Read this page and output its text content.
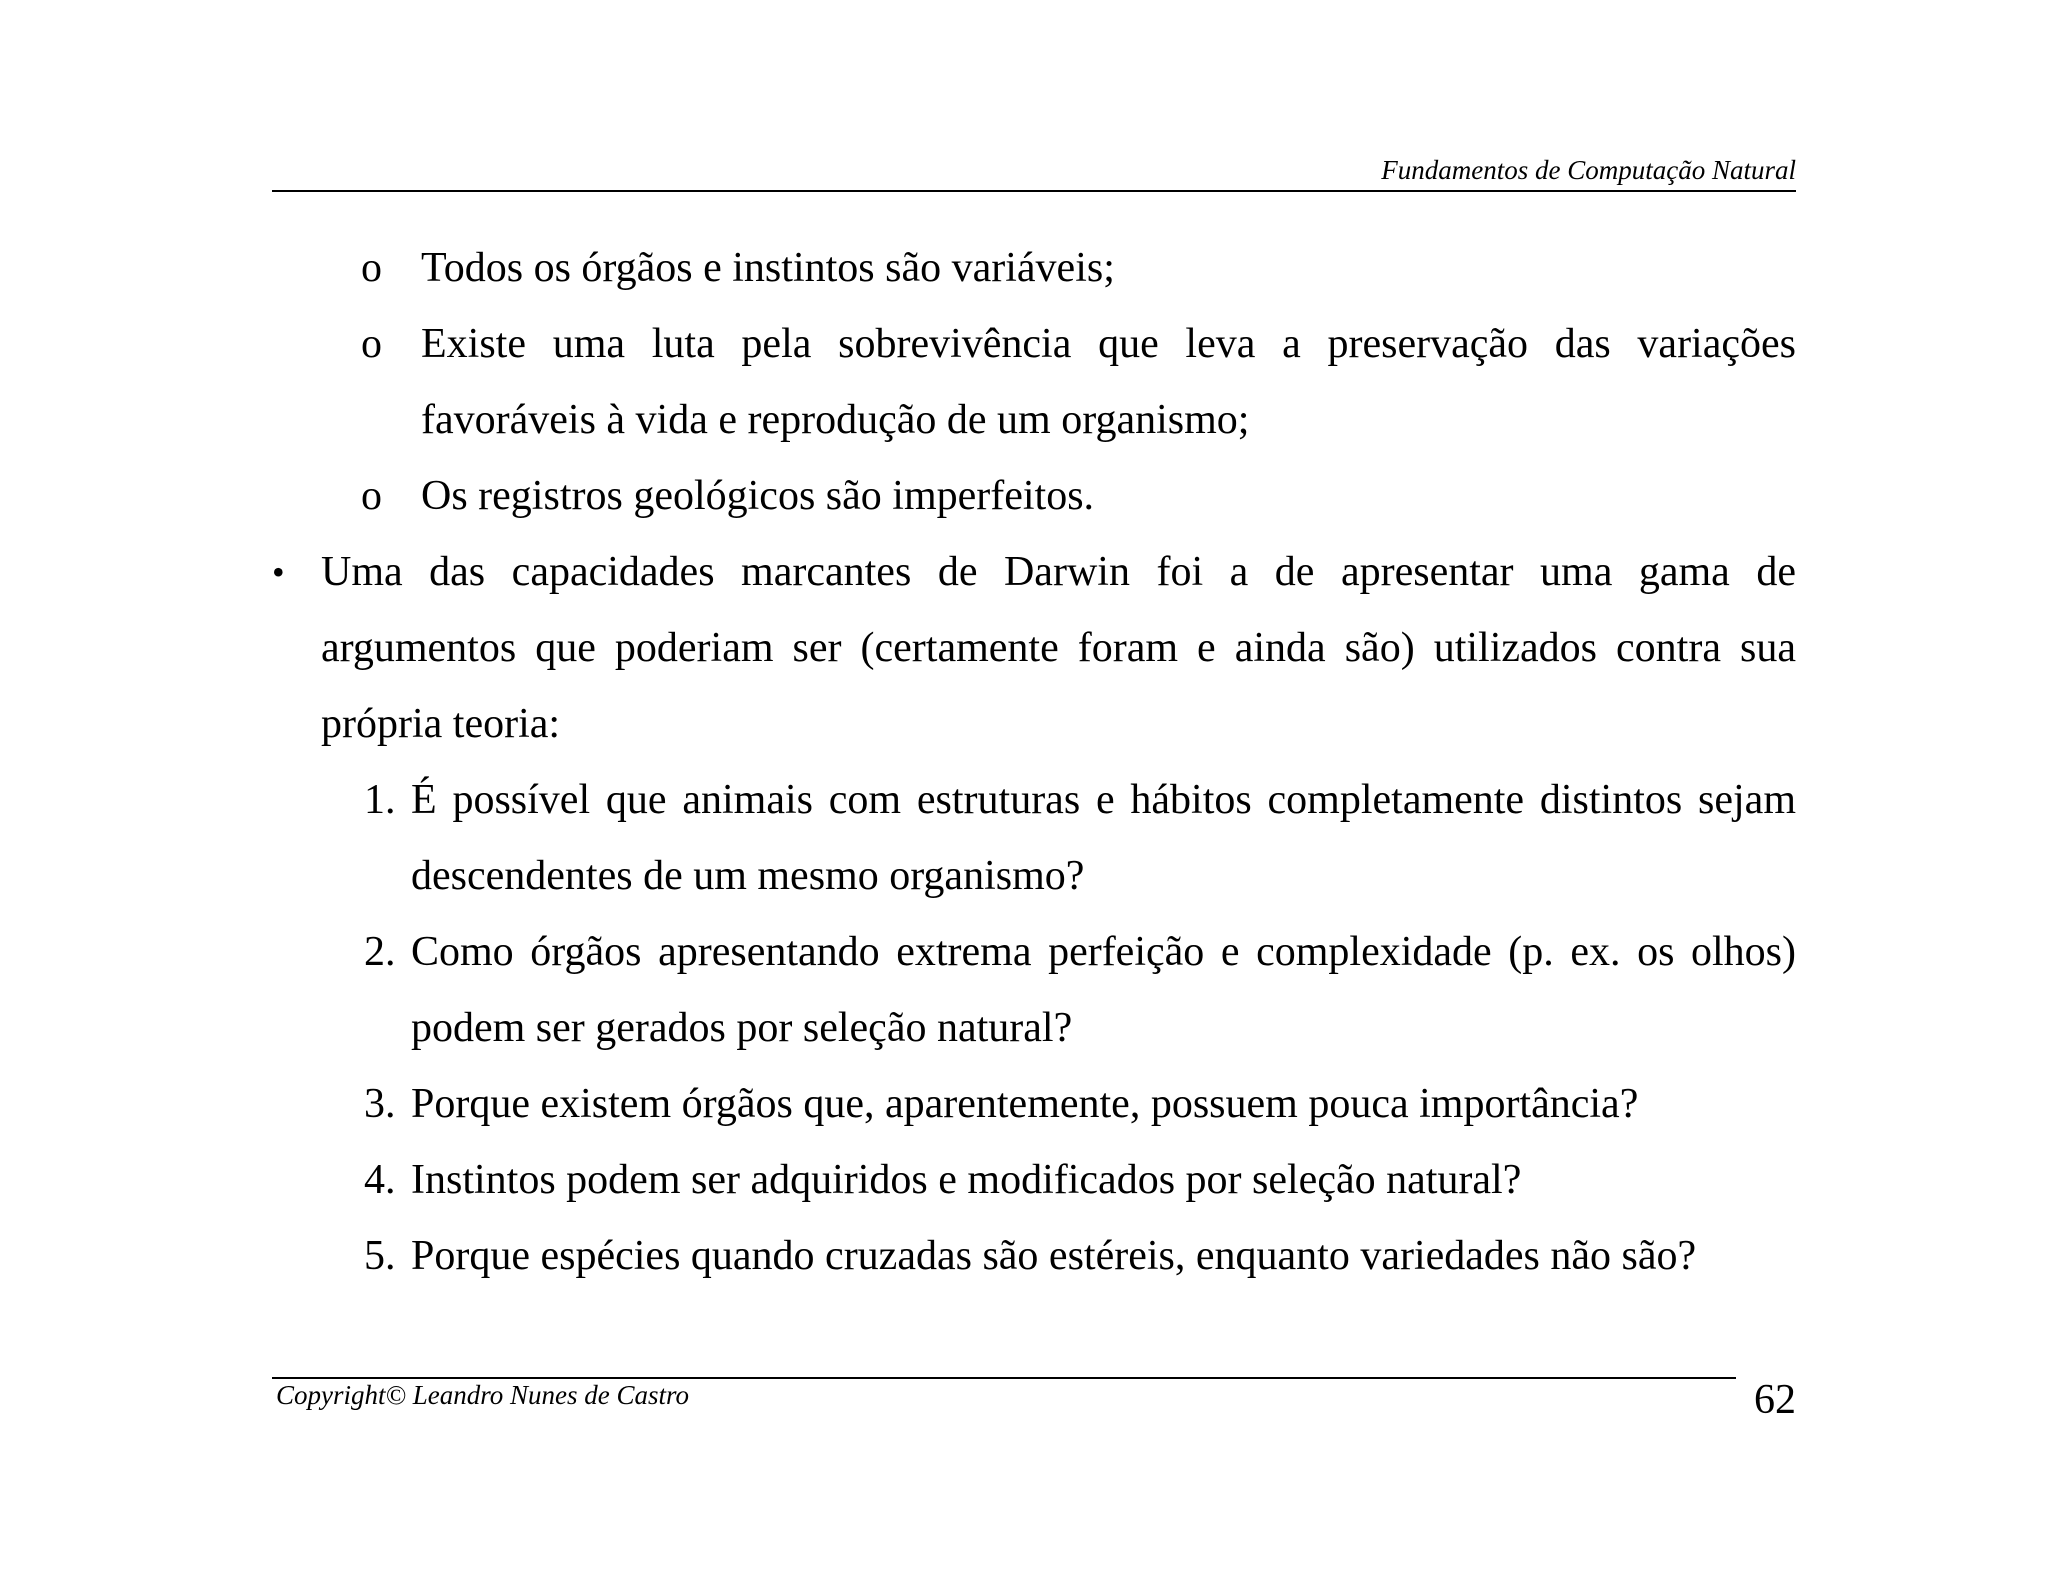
Fundamentos de Computação Natural
o Todos os órgãos e instintos são variáveis;
o Existe uma luta pela sobrevivência que leva a preservação das variações favoráveis à vida e reprodução de um organismo;
o Os registros geológicos são imperfeitos.
• Uma das capacidades marcantes de Darwin foi a de apresentar uma gama de argumentos que poderiam ser (certamente foram e ainda são) utilizados contra sua própria teoria:
1. É possível que animais com estruturas e hábitos completamente distintos sejam descendentes de um mesmo organismo?
2. Como órgãos apresentando extrema perfeição e complexidade (p. ex. os olhos) podem ser gerados por seleção natural?
3. Porque existem órgãos que, aparentemente, possuem pouca importância?
4. Instintos podem ser adquiridos e modificados por seleção natural?
5. Porque espécies quando cruzadas são estéreis, enquanto variedades não são?
Copyright© Leandro Nunes de Castro	62
